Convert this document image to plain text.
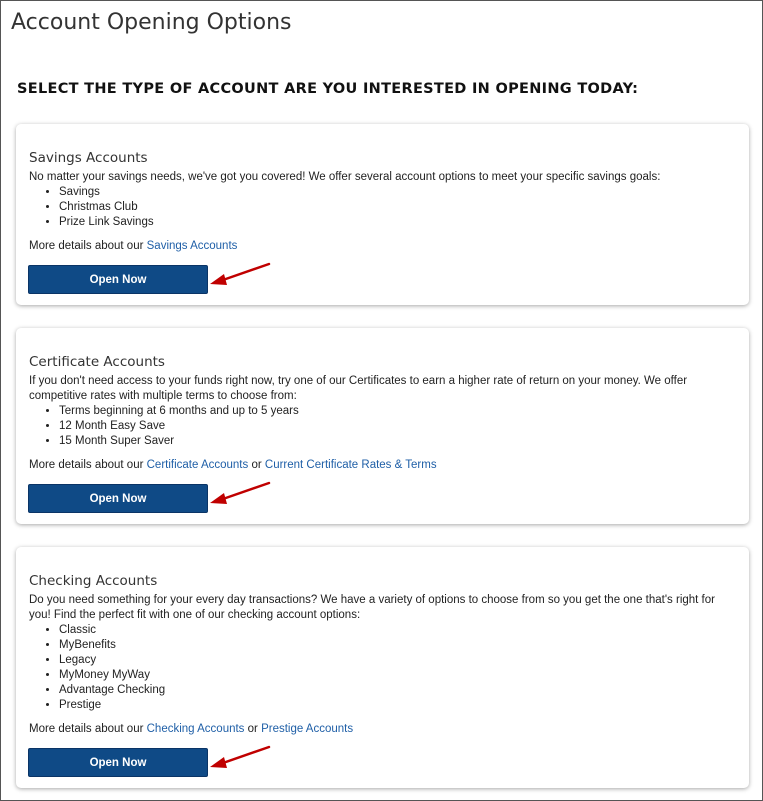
Account Opening Options
SELECT THE TYPE OF ACCOUNT ARE YOU INTERESTED IN OPENING TODAY:
Savings Accounts

No matter your savings needs, we've got you covered! We offer several account options to meet your specific savings goals:

• Savings
• Christmas Club
• Prize Link Savings

More details about our Savings Accounts

Open Now
Certificate Accounts

If you don't need access to your funds right now, try one of our Certificates to earn a higher rate of return on your money. We offer competitive rates with multiple terms to choose from:

• Terms beginning at 6 months and up to 5 years
• 12 Month Easy Save
• 15 Month Super Saver

More details about our Certificate Accounts or Current Certificate Rates & Terms

Open Now
Checking Accounts

Do you need something for your every day transactions? We have a variety of options to choose from so you get the one that's right for you! Find the perfect fit with one of our checking account options:

• Classic
• MyBenefits
• Legacy
• MyMoney MyWay
• Advantage Checking
• Prestige

More details about our Checking Accounts or Prestige Accounts

Open Now
